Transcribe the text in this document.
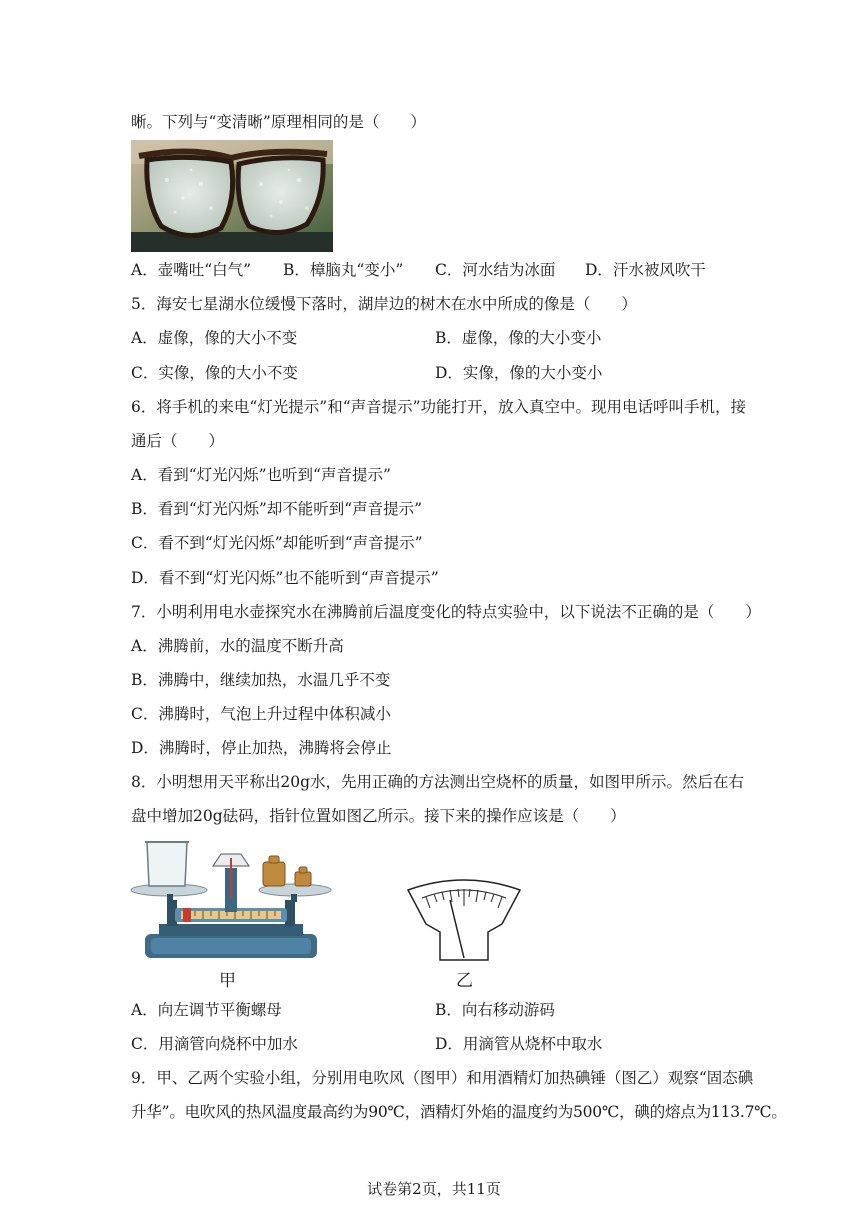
晰。下列与“变清晰”原理相同的是（　　）
A．壶嘴吐“白气” B．樟脑丸“变小” C．河水结为冰面 D．汗水被风吹干
5．海安七星湖水位缓慢下落时，湖岸边的树木在水中所成的像是（　　）
A．虚像，像的大小不变	B．虚像，像的大小变小
C．实像，像的大小不变	D．实像，像的大小变小
6．将手机的来电“灯光提示”和“声音提示”功能打开，放入真空中。现用电话呼叫手机，接
通后（　　）
A．看到“灯光闪烁”也听到“声音提示”
B．看到“灯光闪烁”却不能听到“声音提示”
C．看不到“灯光闪烁”却能听到“声音提示”
D．看不到“灯光闪烁”也不能听到“声音提示”
7．小明利用电水壶探究水在沸腾前后温度变化的特点实验中，以下说法不正确的是（　　）
A．沸腾前，水的温度不断升高
B．沸腾中，继续加热，水温几乎不变
C．沸腾时，气泡上升过程中体积减小
D．沸腾时，停止加热，沸腾将会停止
8．小明想用天平称出20g水，先用正确的方法测出空烧杯的质量，如图甲所示。然后在右
盘中增加20g砝码，指针位置如图乙所示。接下来的操作应该是（　　）
甲	乙
A．向左调节平衡螺母	B．向右移动游码
C．用滴管向烧杯中加水	D．用滴管从烧杯中取水
9．甲、乙两个实验小组，分别用电吹风（图甲）和用酒精灯加热碘锤（图乙）观察“固态碘
升华”。电吹风的热风温度最高约为90℃，酒精灯外焰的温度约为500℃，碘的熔点为113.7℃。
试卷第2页，共11页
